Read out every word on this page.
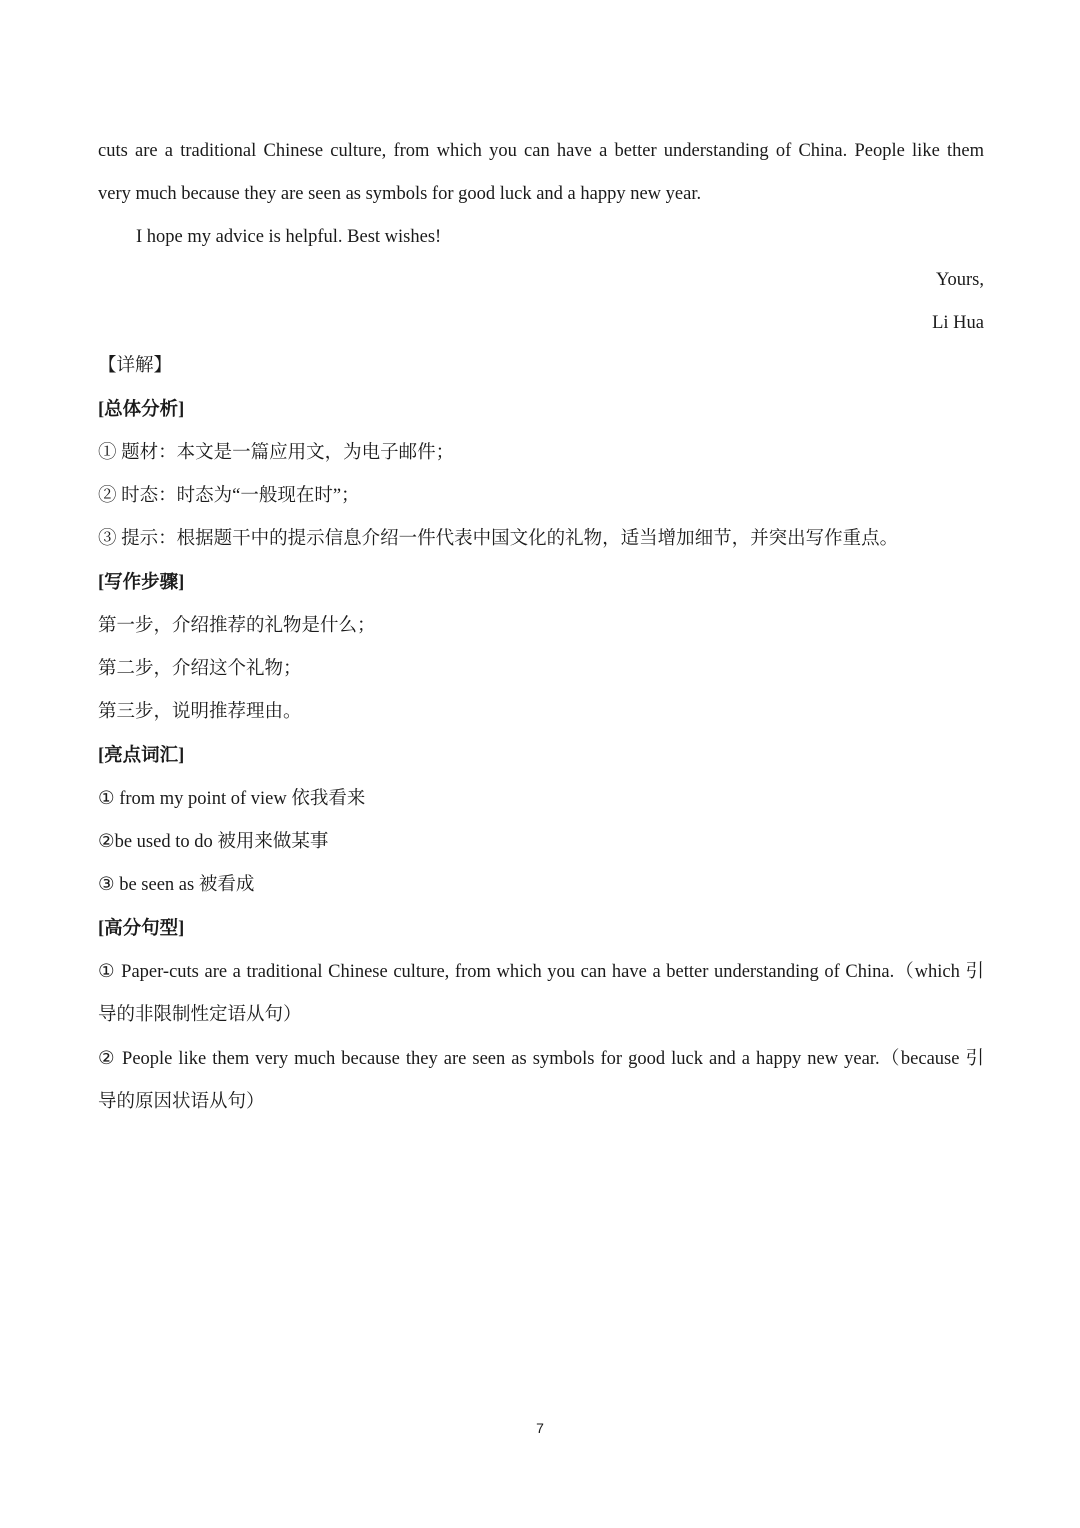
cuts are a traditional Chinese culture, from which you can have a better understanding of China. People like them
very much because they are seen as symbols for good luck and a happy new year.
I hope my advice is helpful. Best wishes!
Yours,
Li Hua
【详解】
[总体分析]
① 题材：本文是一篇应用文，为电子邮件；
② 时态：时态为“一般现在时”；
③ 提示：根据题干中的提示信息介绍一件代表中国文化的礼物，适当增加细节，并突出写作重点。
[写作步骤]
第一步，介绍推荐的礼物是什么；
第二步，介绍这个礼物；
第三步，说明推荐理由。
[亮点词汇]
① from my point of view 依我看来
②be used to do 被用来做某事
③ be seen as 被看成
[高分句型]
① Paper-cuts are a traditional Chinese culture, from which you can have a better understanding of China.（which 引
导的非限制性定语从句）
② People like them very much because they are seen as symbols for good luck and a happy new year.（because 引
导的原因状语从句）
7
